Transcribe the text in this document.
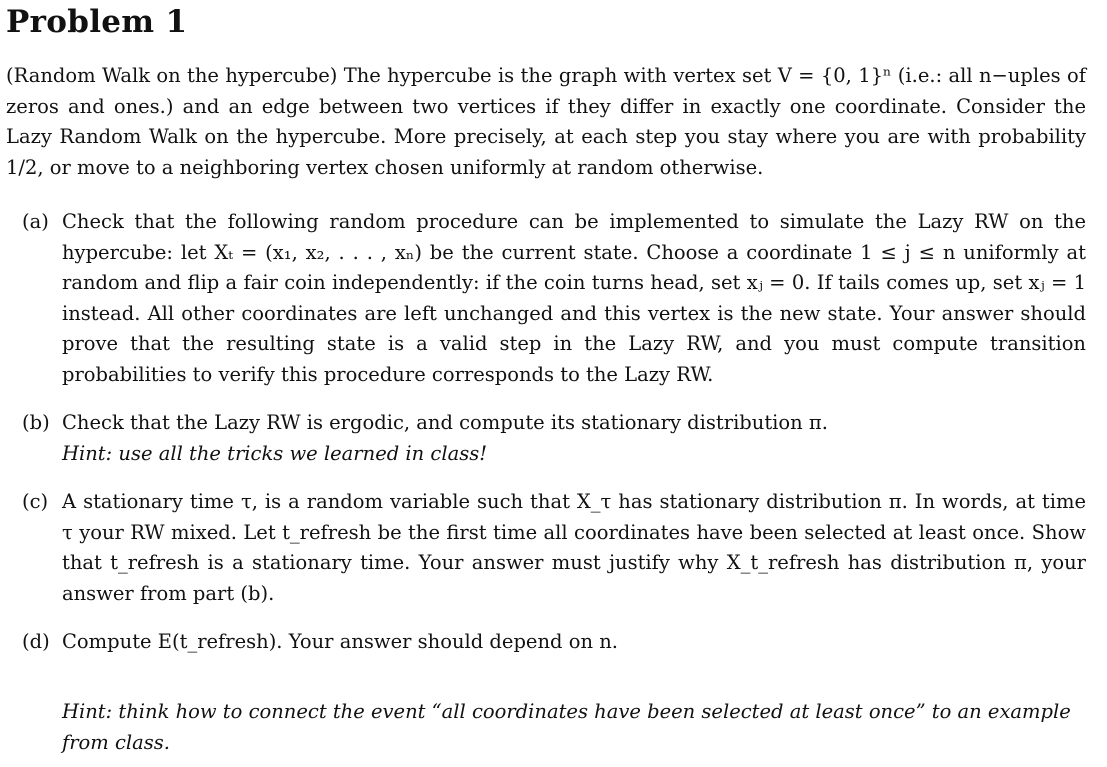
Problem 1
(Random Walk on the hypercube) The hypercube is the graph with vertex set V = {0, 1}ⁿ (i.e.: all n−uples of zeros and ones.) and an edge between two vertices if they differ in exactly one coordinate. Consider the Lazy Random Walk on the hypercube. More precisely, at each step you stay where you are with probability 1/2, or move to a neighboring vertex chosen uniformly at random otherwise.
(a) Check that the following random procedure can be implemented to simulate the Lazy RW on the hypercube: let Xₜ = (x₁, x₂, . . . , xₙ) be the current state. Choose a coordinate 1 ≤ j ≤ n uniformly at random and flip a fair coin independently: if the coin turns head, set xⱼ = 0. If tails comes up, set xⱼ = 1 instead. All other coordinates are left unchanged and this vertex is the new state. Your answer should prove that the resulting state is a valid step in the Lazy RW, and you must compute transition probabilities to verify this procedure corresponds to the Lazy RW.
(b) Check that the Lazy RW is ergodic, and compute its stationary distribution π.
Hint: use all the tricks we learned in class!
(c) A stationary time τ, is a random variable such that X_τ has stationary distribution π. In words, at time τ your RW mixed. Let t_refresh be the first time all coordinates have been selected at least once. Show that t_refresh is a stationary time. Your answer must justify why X_t_refresh has distribution π, your answer from part (b).
(d) Compute E(t_refresh). Your answer should depend on n.
Hint: think how to connect the event “all coordinates have been selected at least once” to an example from class.
